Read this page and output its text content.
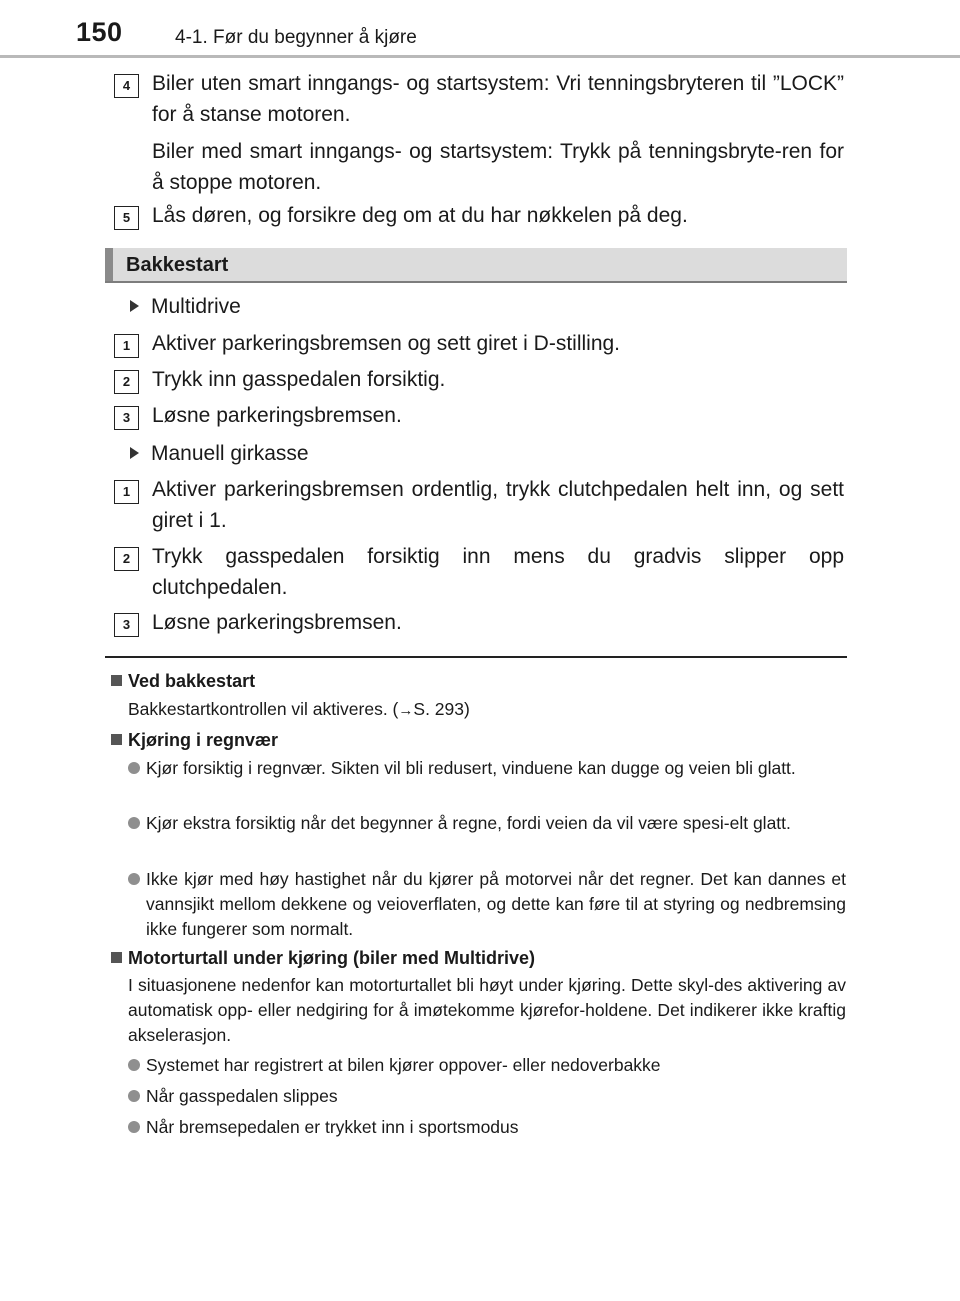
150	4-1. Før du begynner å kjøre
4	Biler uten smart inngangs- og startsystem: Vri tenningsbryteren til ”LOCK” for å stanse motoren.
Biler med smart inngangs- og startsystem: Trykk på tenningsbryte-ren for å stoppe motoren.
5	Lås døren, og forsikre deg om at du har nøkkelen på deg.
Bakkestart
Multidrive
1	Aktiver parkeringsbremsen og sett giret i D-stilling.
2	Trykk inn gasspedalen forsiktig.
3	Løsne parkeringsbremsen.
Manuell girkasse
1	Aktiver parkeringsbremsen ordentlig, trykk clutchpedalen helt inn, og sett giret i 1.
2	Trykk gasspedalen forsiktig inn mens du gradvis slipper opp clutchpedalen.
3	Løsne parkeringsbremsen.
Ved bakkestart
Bakkestartkontrollen vil aktiveres. (→S. 293)
Kjøring i regnvær
Kjør forsiktig i regnvær. Sikten vil bli redusert, vinduene kan dugge og veien bli glatt.
Kjør ekstra forsiktig når det begynner å regne, fordi veien da vil være spesi-elt glatt.
Ikke kjør med høy hastighet når du kjører på motorvei når det regner. Det kan dannes et vannsjikt mellom dekkene og veioverflaten, og dette kan føre til at styring og nedbremsing ikke fungerer som normalt.
Motorturtall under kjøring (biler med Multidrive)
I situasjonene nedenfor kan motorturtallet bli høyt under kjøring. Dette skyl-des aktivering av automatisk opp- eller nedgiring for å imøtekomme kjørefor-holdene. Det indikerer ikke kraftig akselerasjon.
Systemet har registrert at bilen kjører oppover- eller nedoverbakke
Når gasspedalen slippes
Når bremsepedalen er trykket inn i sportsmodus
